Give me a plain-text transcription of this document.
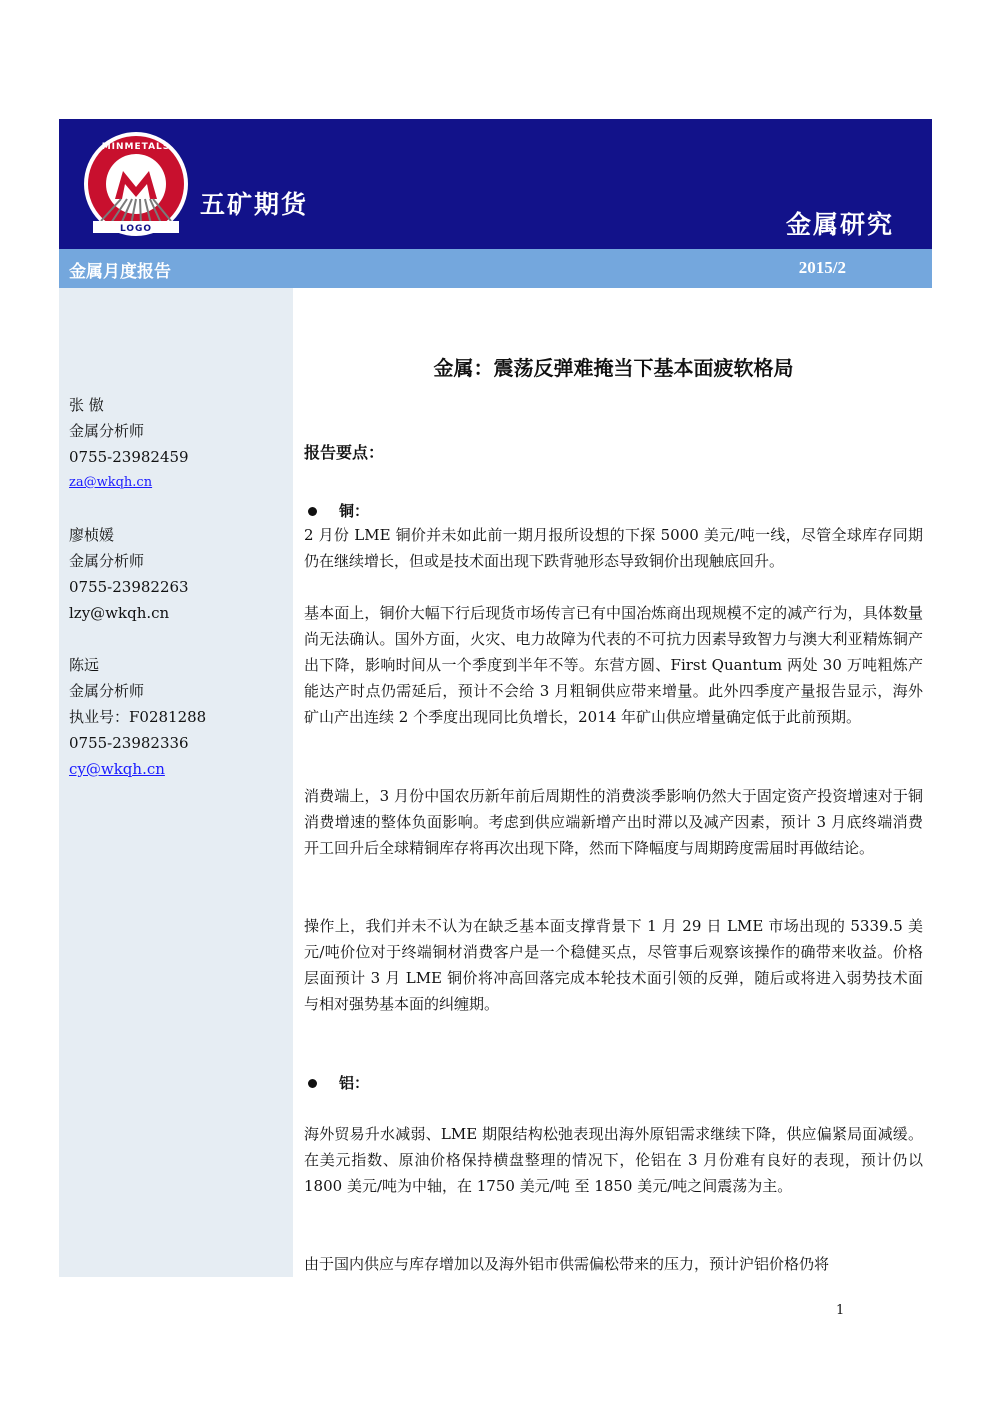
LOGO
MINMETALS
五矿期货
金属研究
金属月度报告	2015/2
张 傲
金属分析师
0755-23982459
za@wkqh.cn
廖桢媛
金属分析师
0755-23982263
lzy@wkqh.cn
陈远
金属分析师
执业号：F0281288
0755-23982336
cy@wkqh.cn
金属：震荡反弹难掩当下基本面疲软格局
报告要点：
铜：
2 月份 LME 铜价并未如此前一期月报所设想的下探 5000 美元/吨一线，尽管全球库存同期仍在继续增长，但或是技术面出现下跌背驰形态导致铜价出现触底回升。
基本面上，铜价大幅下行后现货市场传言已有中国冶炼商出现规模不定的减产行为，具体数量尚无法确认。国外方面，火灾、电力故障为代表的不可抗力因素导致智力与澳大利亚精炼铜产出下降，影响时间从一个季度到半年不等。东营方圆、First Quantum 两处 30 万吨粗炼产能达产时点仍需延后，预计不会给 3 月粗铜供应带来增量。此外四季度产量报告显示，海外矿山产出连续 2 个季度出现同比负增长，2014 年矿山供应增量确定低于此前预期。
消费端上，3 月份中国农历新年前后周期性的消费淡季影响仍然大于固定资产投资增速对于铜消费增速的整体负面影响。考虑到供应端新增产出时滞以及减产因素，预计 3 月底终端消费开工回升后全球精铜库存将再次出现下降，然而下降幅度与周期跨度需届时再做结论。
操作上，我们并未不认为在缺乏基本面支撑背景下 1 月 29 日 LME 市场出现的 5339.5 美元/吨价位对于终端铜材消费客户是一个稳健买点，尽管事后观察该操作的确带来收益。价格层面预计 3 月 LME 铜价将冲高回落完成本轮技术面引领的反弹，随后或将进入弱势技术面与相对强势基本面的纠缠期。
铝：
海外贸易升水减弱、LME 期限结构松弛表现出海外原铝需求继续下降，供应偏紧局面减缓。在美元指数、原油价格保持横盘整理的情况下，伦铝在 3 月份难有良好的表现，预计仍以 1800 美元/吨为中轴，在 1750 美元/吨 至 1850 美元/吨之间震荡为主。
由于国内供应与库存增加以及海外铝市供需偏松带来的压力，预计沪铝价格仍将
1
